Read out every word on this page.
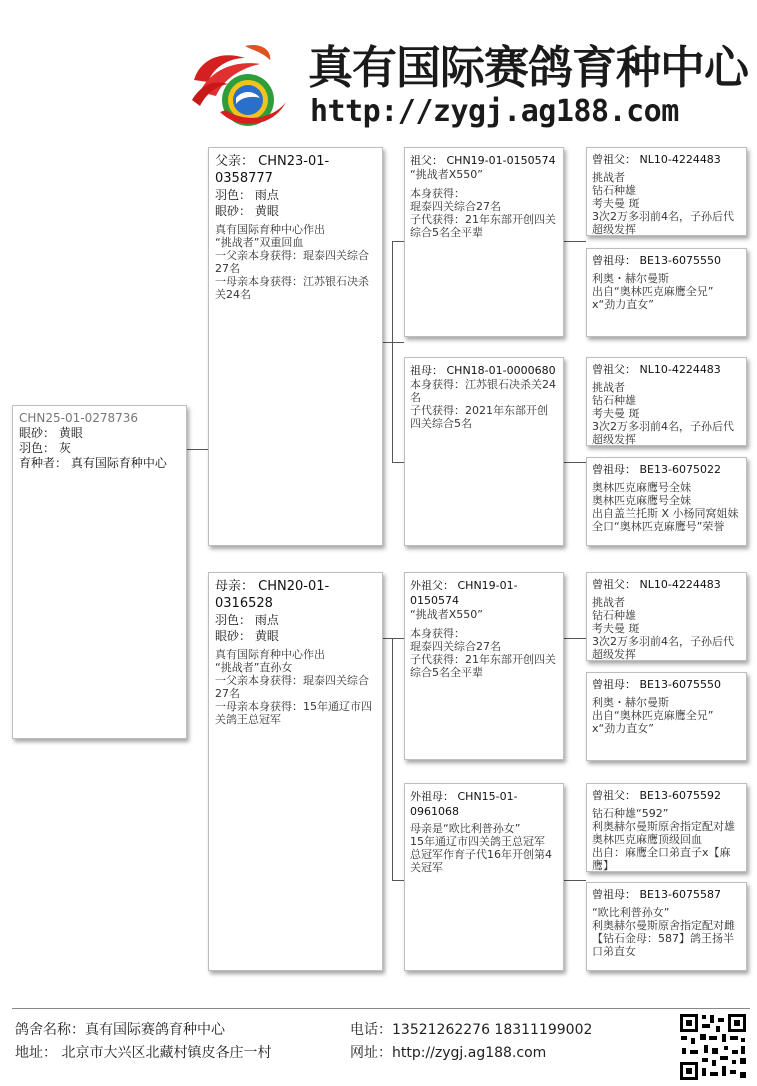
真有国际赛鸽育种中心
http://zygj.ag188.com
CHN25-01-0278736
眼砂： 黄眼
羽色： 灰
育种者： 真有国际育种中心
父亲： CHN23-01-0358777
羽色： 雨点
眼砂： 黄眼
真有国际育种中心作出
“挑战者”双重回血
一父亲本身获得：琨泰四关综合27名
一母亲本身获得：江苏银石决杀关24名
母亲： CHN20-01-0316528
羽色： 雨点
眼砂： 黄眼
真有国际育种中心作出
“挑战者”直孙女
一父亲本身获得：琨泰四关综合27名
一母亲本身获得：15年通辽市四关鸽王总冠军
祖父： CHN19-01-0150574
“挑战者X550”
本身获得：
琨泰四关综合27名
子代获得：21年东部开创四关综合5名全平辈
祖母： CHN18-01-0000680
本身获得：江苏银石决杀关24名
子代获得：2021年东部开创四关综合5名
外祖父： CHN19-01-0150574
“挑战者X550”
本身获得：
琨泰四关综合27名
子代获得：21年东部开创四关综合5名全平辈
外祖母： CHN15-01-0961068
母亲是“欧比利普孙女”
15年通辽市四关鸽王总冠军
总冠军作育子代16年开创第4关冠军
曾祖父： NL10-4224483
挑战者
钻石种雄
考夫曼 斑
3次2万多羽前4名，子孙后代超级发挥
曾祖母： BE13-6075550
利奥・赫尔曼斯
出自“奥林匹克麻鹰全兄”
x“劲力直女”
曾祖父： NL10-4224483
挑战者
钻石种雄
考夫曼 斑
3次2万多羽前4名，子孙后代超级发挥
曾祖母： BE13-6075022
奥林匹克麻鹰号全妹
奥林匹克麻鹰号全妹
出自盖兰托斯 X 小杨同窝姐妹
全口“奥林匹克麻鹰号”荣誉
曾祖父： NL10-4224483
挑战者
钻石种雄
考夫曼 斑
3次2万多羽前4名，子孙后代超级发挥
曾祖母： BE13-6075550
利奥・赫尔曼斯
出自“奥林匹克麻鹰全兄”
x“劲力直女”
曾祖父： BE13-6075592
钻石种雄“592”
利奥赫尔曼斯原舍指定配对雄
奥林匹克麻鹰顶级回血
出自：麻鹰全口弟直子x【麻鹰】
曾祖母： BE13-6075587
“欧比利普孙女”
利奥赫尔曼斯原舍指定配对雌
【钻石金母：587】鸽王扬半口弟直女
鸽舍名称：真有国际赛鸽育种中心
地址： 北京市大兴区北藏村镇皮各庄一村
电话：13521262276 18311199002
网址：http://zygj.ag188.com
